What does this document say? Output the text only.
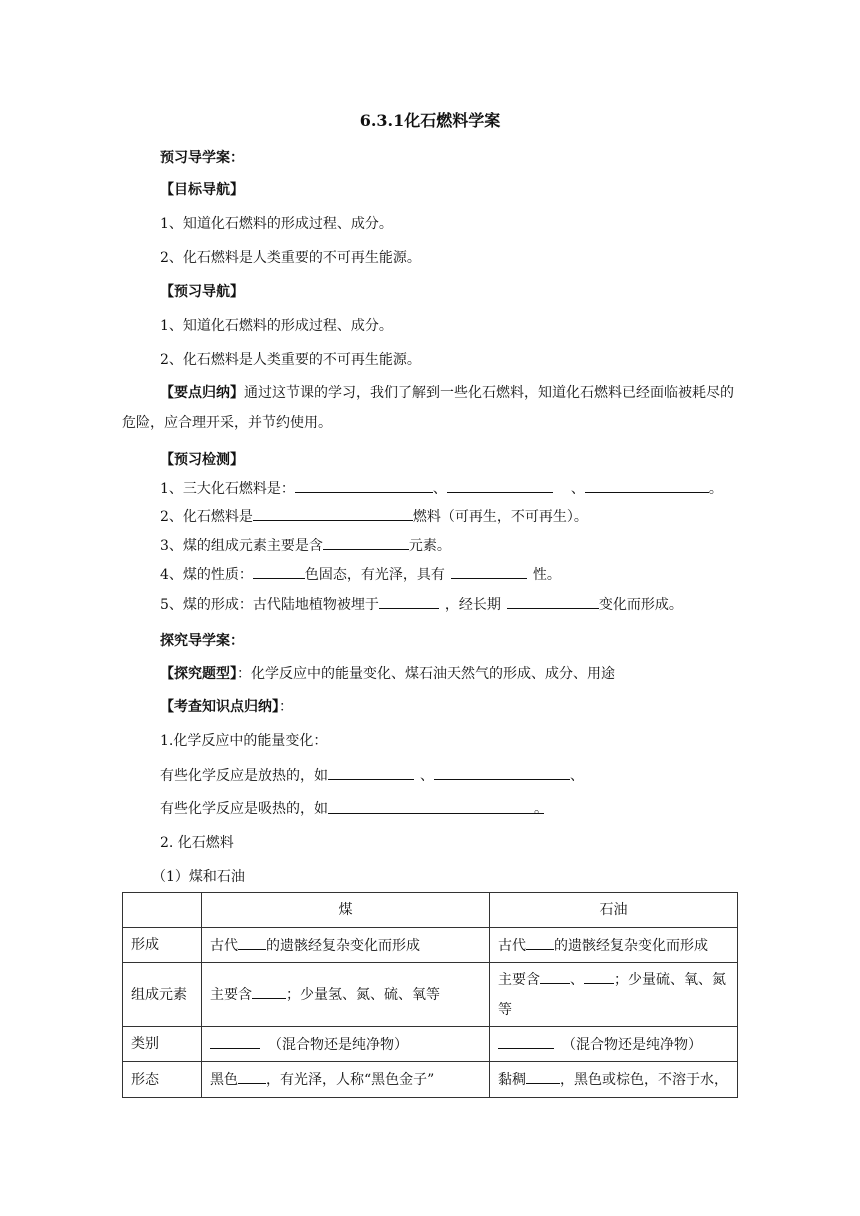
6.3.1化石燃料学案
预习导学案：
【目标导航】
1、知道化石燃料的形成过程、成分。
2、化石燃料是人类重要的不可再生能源。
【预习导航】
1、知道化石燃料的形成过程、成分。
2、化石燃料是人类重要的不可再生能源。
【要点归纳】通过这节课的学习，我们了解到一些化石燃料，知道化石燃料已经面临被耗尽的危险，应合理开采，并节约使用。
【预习检测】
1、三大化石燃料是：	、	、	。
2、化石燃料是	燃料（可再生，不可再生）。
3、煤的组成元素主要是含	元素。
4、煤的性质：	色固态，有光泽，具有	性。
5、煤的形成：古代陆地植物被埋于	，经长期	变化而形成。
探究导学案：
【探究题型】：化学反应中的能量变化、煤石油天然气的形成、成分、用途
【考查知识点归纳】：
1.化学反应中的能量变化：
有些化学反应是放热的，如	、	、
有些化学反应是吸热的，如	。
2. 化石燃料
（1）煤和石油
	煤	石油
形成	古代 的遗骸经复杂变化而形成	古代 的遗骸经复杂变化而形成
组成元素	主要含 ；少量氢、氮、硫、氧等	主要含 、 ；少量硫、氧、氮等
类别	（混合物还是纯净物）	（混合物还是纯净物）
形态	黑色 ，有光泽，人称“黑色金子”	黏稠 ，黑色或棕色，不溶于水，
